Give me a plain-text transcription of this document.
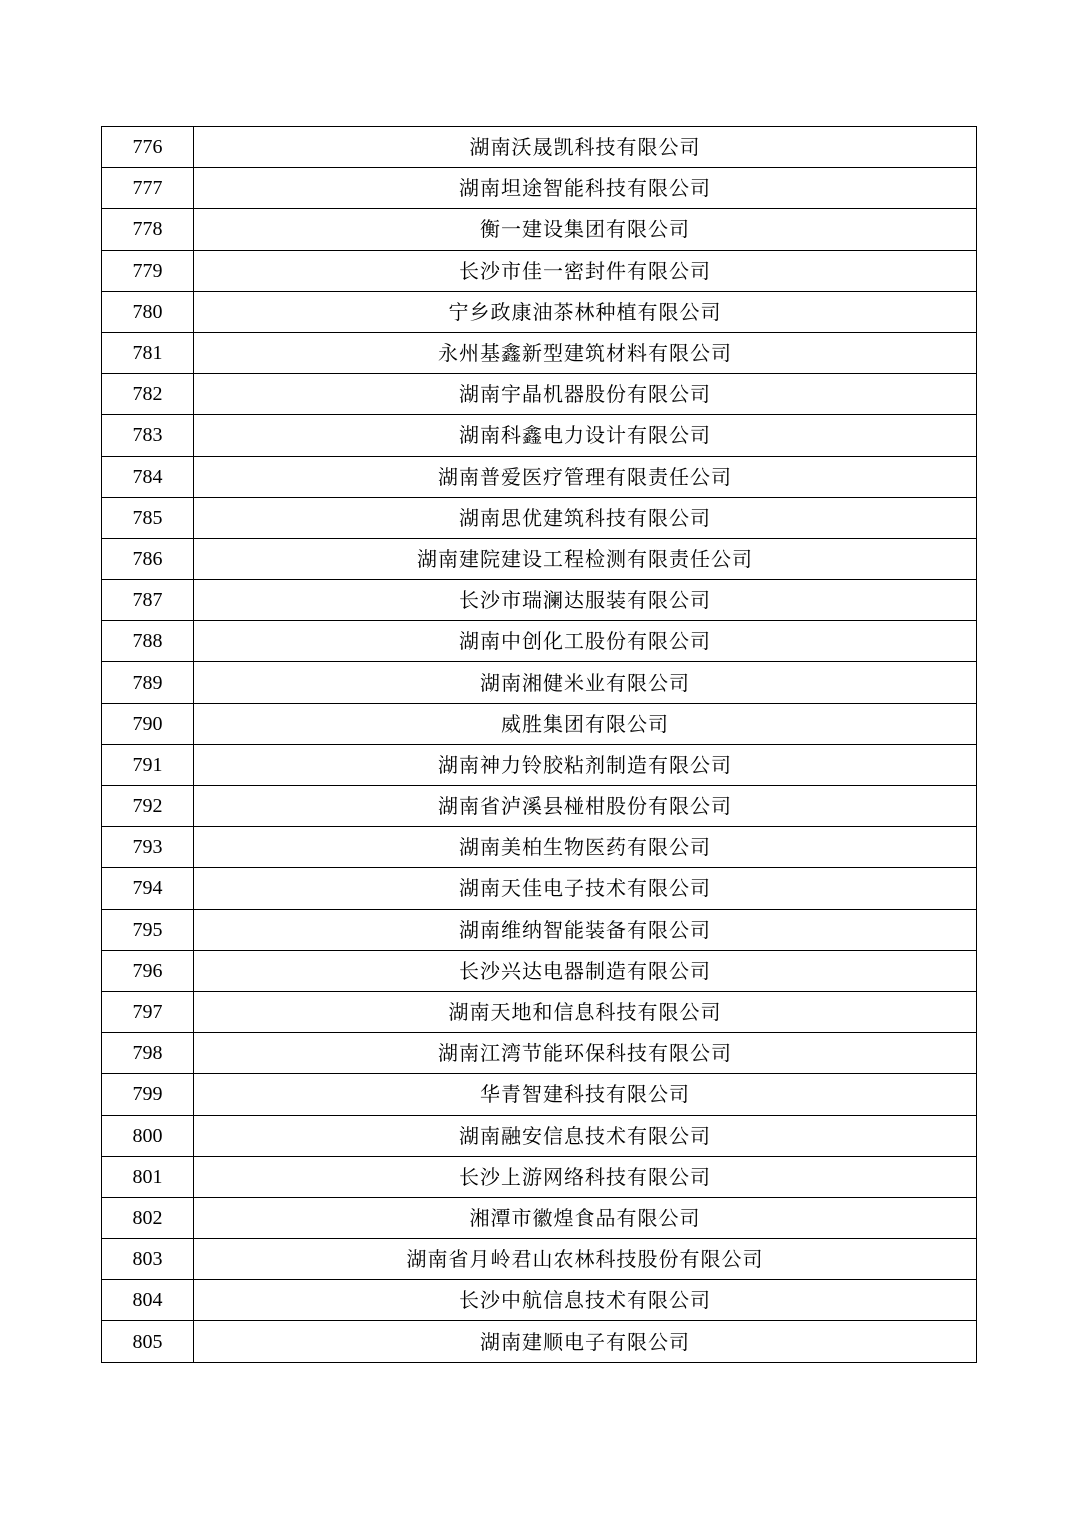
776	湖南沃晟凯科技有限公司
777	湖南坦途智能科技有限公司
778	衡一建设集团有限公司
779	长沙市佳一密封件有限公司
780	宁乡政康油茶林种植有限公司
781	永州基鑫新型建筑材料有限公司
782	湖南宇晶机器股份有限公司
783	湖南科鑫电力设计有限公司
784	湖南普爱医疗管理有限责任公司
785	湖南思优建筑科技有限公司
786	湖南建院建设工程检测有限责任公司
787	长沙市瑞澜达服装有限公司
788	湖南中创化工股份有限公司
789	湖南湘健米业有限公司
790	威胜集团有限公司
791	湖南神力铃胶粘剂制造有限公司
792	湖南省泸溪县椪柑股份有限公司
793	湖南美柏生物医药有限公司
794	湖南天佳电子技术有限公司
795	湖南维纳智能装备有限公司
796	长沙兴达电器制造有限公司
797	湖南天地和信息科技有限公司
798	湖南江湾节能环保科技有限公司
799	华青智建科技有限公司
800	湖南融安信息技术有限公司
801	长沙上游网络科技有限公司
802	湘潭市徽煌食品有限公司
803	湖南省月岭君山农林科技股份有限公司
804	长沙中航信息技术有限公司
805	湖南建顺电子有限公司
